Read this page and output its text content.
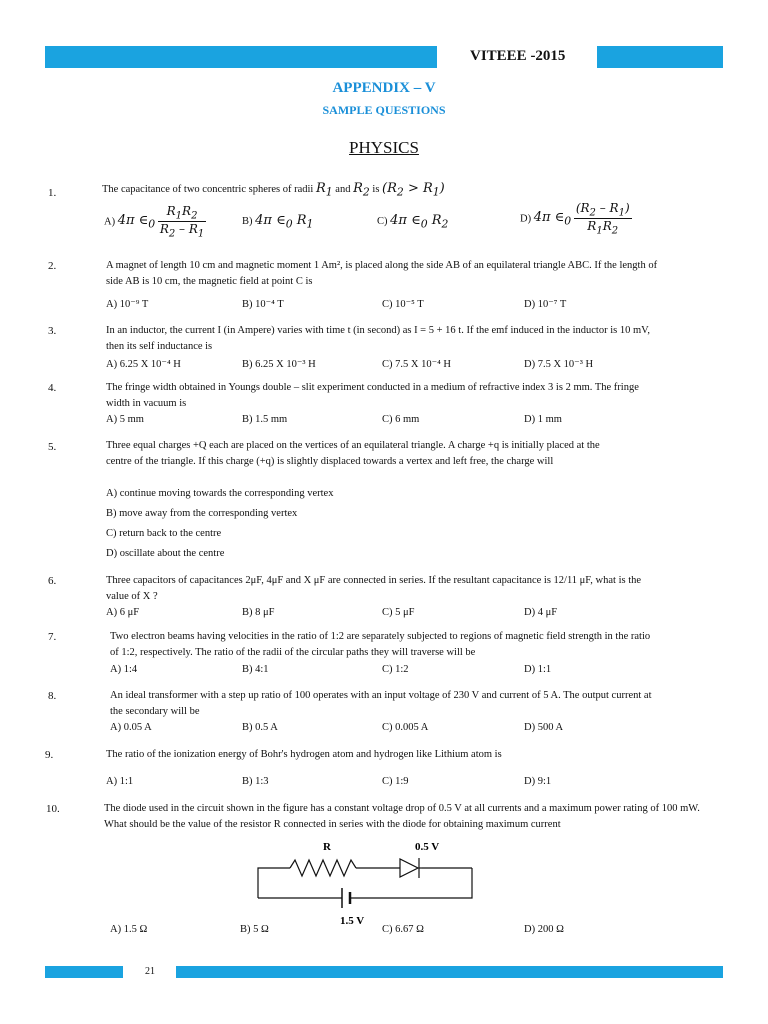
VITEEE -2015
APPENDIX – V
SAMPLE QUESTIONS
PHYSICS
1.	The capacitance of two concentric spheres of radii $R_1$ and $R_2$ is $(R_2 > R_1)$
A) 4π $\in_0 \frac{R_1R_2}{R_2 - R_1}$	B) 4π $\in_0$ $R_1$	C) 4π $\in_0$ $R_2$	D) 4π $\in_0 \frac{(R_2 - R_1)}{R_1R_2}$
2.	A magnet of length 10 cm and magnetic moment 1 Am², is placed along the side AB of an equilateral triangle ABC. If the length of side AB is 10 cm, the magnetic field at point C is
A) 10⁻⁹ T	B) 10⁻⁴ T	C) 10⁻⁵ T	D) 10⁻⁷ T
3.	In an inductor, the current I (in Ampere) varies with time t (in second) as I = 5 + 16 t. If the emf induced in the inductor is 10 mV, then its self inductance is
A) 6.25 X 10⁻⁴ H	B) 6.25 X 10⁻³ H	C) 7.5 X 10⁻⁴ H	D) 7.5 X 10⁻³ H
4.	The fringe width obtained in Youngs double – slit experiment conducted in a medium of refractive index 3 is 2 mm. The fringe width in vacuum is
A) 5 mm	B) 1.5 mm	C) 6 mm	D) 1 mm
5.	Three equal charges +Q each are placed on the vertices of an equilateral triangle. A charge +q is initially placed at the centre of the triangle. If this charge (+q) is slightly displaced towards a vertex and left free, the charge will
A) continue moving towards the corresponding vertex
B) move away from the corresponding vertex
C) return back to the centre
D) oscillate about the centre
6.	Three capacitors of capacitances 2μF, 4μF and X μF are connected in series. If the resultant capacitance is 12/11 μF, what is the value of X ?
A) 6 μF	B) 8 μF	C) 5 μF	D) 4 μF
7.	Two electron beams having velocities in the ratio of 1:2 are separately subjected to regions of magnetic field strength in the ratio of 1:2, respectively. The ratio of the radii of the circular paths they will traverse will be
A) 1:4	B) 4:1	C) 1:2	D) 1:1
8.	An ideal transformer with a step up ratio of 100 operates with an input voltage of 230 V and current of 5 A. The output current at the secondary will be
A) 0.05 A	B) 0.5 A	C) 0.005 A	D) 500 A
9.	The ratio of the ionization energy of Bohr's hydrogen atom and hydrogen like Lithium atom is
A) 1:1	B) 1:3	C) 1:9	D) 9:1
10.	The diode used in the circuit shown in the figure has a constant voltage drop of 0.5 V at all currents and a maximum power rating of 100 mW. What should be the value of the resistor R connected in series with the diode for obtaining maximum current
R	0.5 V
1.5 V
A) 1.5 Ω	B) 5 Ω	C) 6.67 Ω	D) 200 Ω
21
